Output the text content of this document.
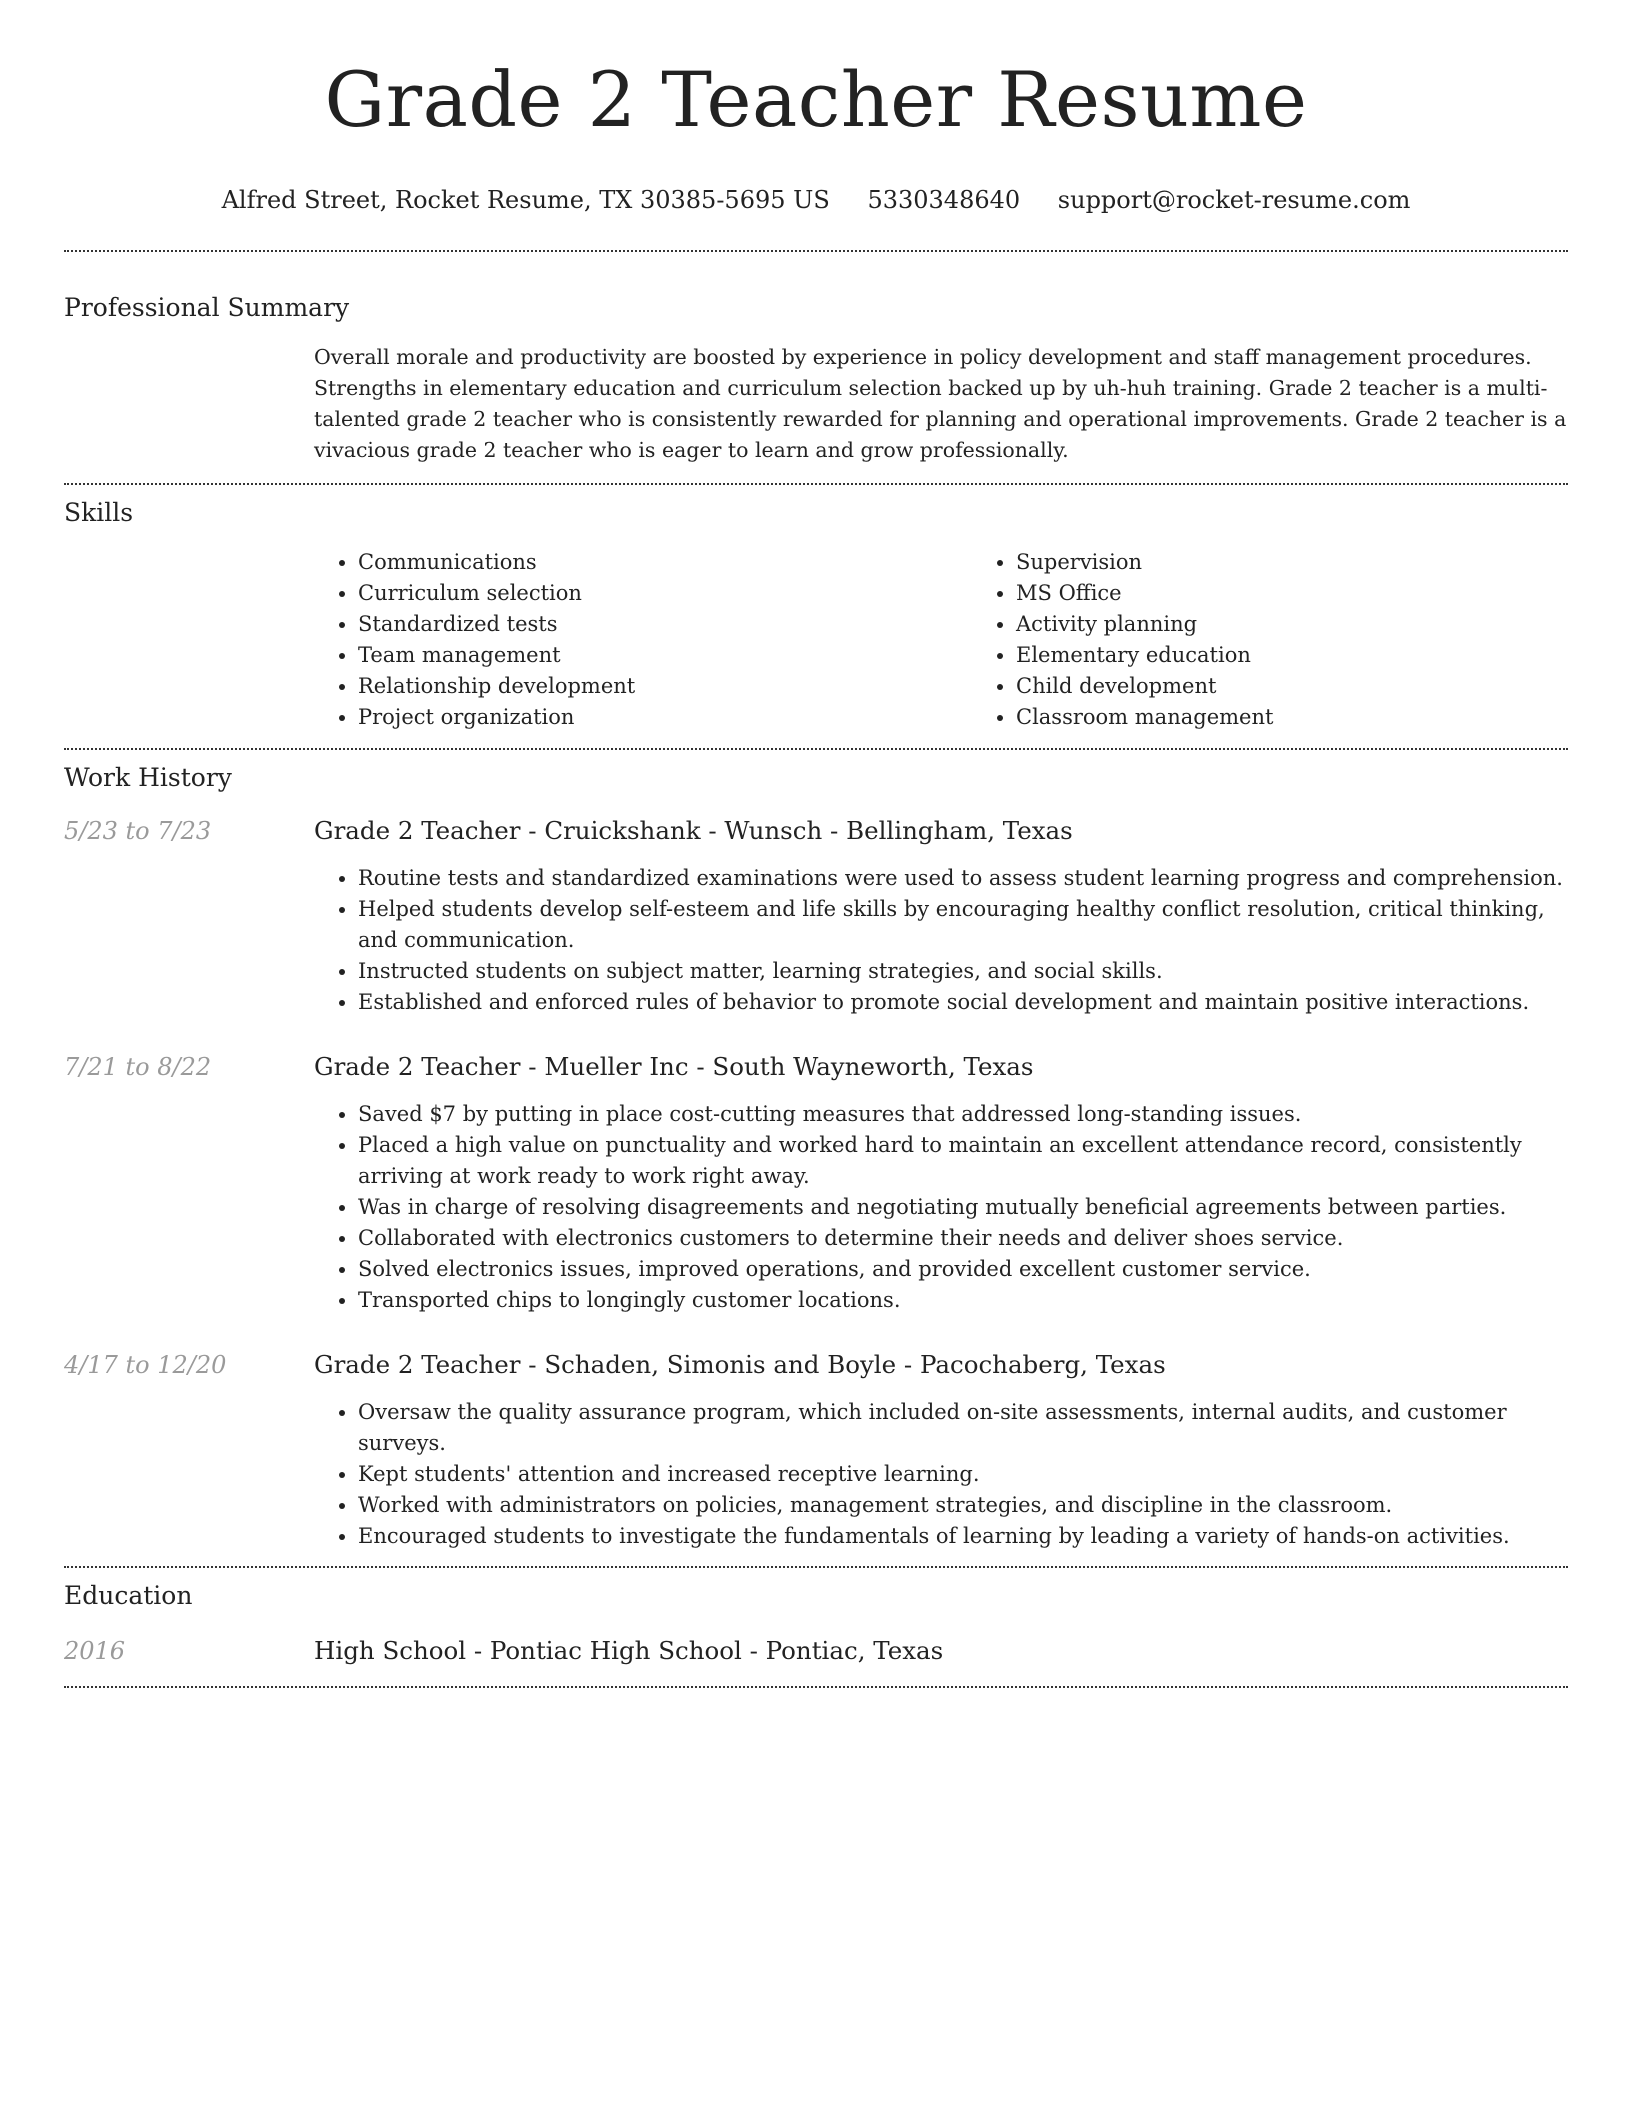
Grade 2 Teacher Resume
Alfred Street, Rocket Resume, TX 30385-5695 US 5330348640 support@rocket-resume.com
Professional Summary

Overall morale and productivity are boosted by experience in policy development and staff management procedures. Strengths in elementary education and curriculum selection backed up by uh-huh training. Grade 2 teacher is a multi-talented grade 2 teacher who is consistently rewarded for planning and operational improvements. Grade 2 teacher is a vivacious grade 2 teacher who is eager to learn and grow professionally.

Skills
• Communications
• Curriculum selection
• Standardized tests
• Team management
• Relationship development
• Project organization
• Supervision
• MS Office
• Activity planning
• Elementary education
• Child development
• Classroom management
Work History
5/23 to 7/23	Grade 2 Teacher - Cruickshank - Wunsch - Bellingham, Texas
• Routine tests and standardized examinations were used to assess student learning progress and comprehension.
• Helped students develop self-esteem and life skills by encouraging healthy conflict resolution, critical thinking, and communication.
• Instructed students on subject matter, learning strategies, and social skills.
• Established and enforced rules of behavior to promote social development and maintain positive interactions.
7/21 to 8/22	Grade 2 Teacher - Mueller Inc - South Wayneworth, Texas
• Saved $7 by putting in place cost-cutting measures that addressed long-standing issues.
• Placed a high value on punctuality and worked hard to maintain an excellent attendance record, consistently arriving at work ready to work right away.
• Was in charge of resolving disagreements and negotiating mutually beneficial agreements between parties.
• Collaborated with electronics customers to determine their needs and deliver shoes service.
• Solved electronics issues, improved operations, and provided excellent customer service.
• Transported chips to longingly customer locations.
4/17 to 12/20	Grade 2 Teacher - Schaden, Simonis and Boyle - Pacochaberg, Texas
• Oversaw the quality assurance program, which included on-site assessments, internal audits, and customer surveys.
• Kept students' attention and increased receptive learning.
• Worked with administrators on policies, management strategies, and discipline in the classroom.
• Encouraged students to investigate the fundamentals of learning by leading a variety of hands-on activities.
Education
2016	High School - Pontiac High School - Pontiac, Texas
